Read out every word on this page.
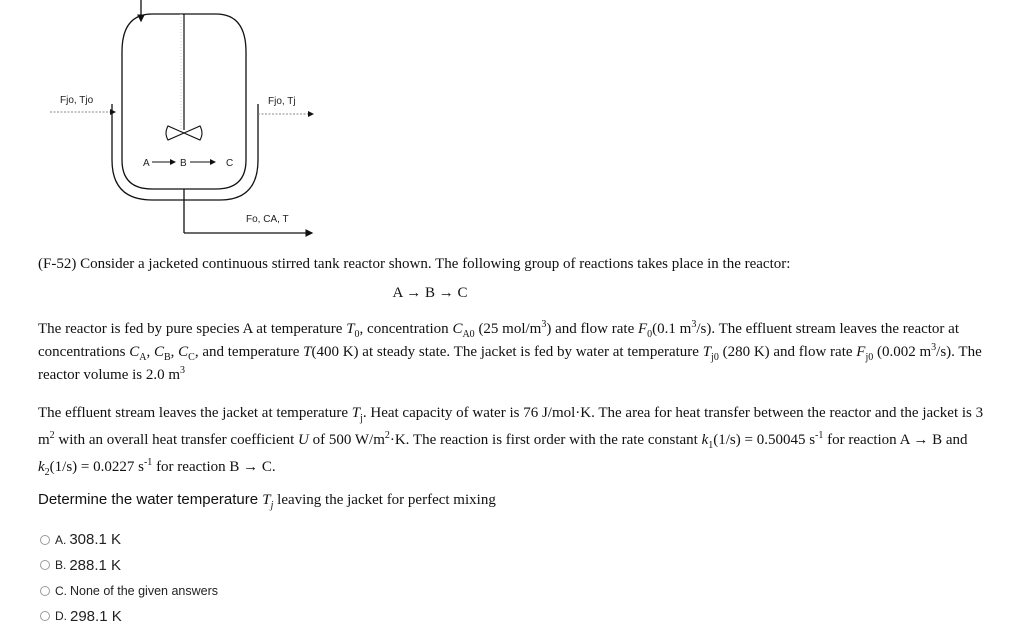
A	B	C
Fjo, Tjo	Fjo, Tj
Fo, CA, T
(F-52) Consider a jacketed continuous stirred tank reactor shown. The following group of reactions takes place in the reactor:
A → B → C
The reactor is fed by pure species A at temperature $T_0$, concentration $C_{A0}$ (25 mol/$m^3$) and flow rate $F_0(0.1$ $m^3/s$). The effluent stream leaves the reactor at concentrations $C_A$, $C_B$, $C_C$, and temperature T(400 K) at steady state. The jacket is fed by water at temperature $T_{j0}$ (280 K) and flow rate $F_{j0}$ (0.002 $m^3/s$). The reactor volume is 2.0 $m^3$
The effluent stream leaves the jacket at temperature $T_j$. Heat capacity of water is 76 J/mol·K. The area for heat transfer between the reactor and the jacket is 3 $m^2$ with an overall heat transfer coefficient U of 500 $W/m^2\cdot K$. The reaction is first order with the rate constant $k_1(1/s) = 0.50045$ $s^{-1}$ for reaction A → B and $k_2(1/s) = 0.0227$ $s^{-1}$ for reaction B → C.
Determine the water temperature $T_j$ leaving the jacket for perfect mixing
A. 308.1 K
B. 288.1 K
C. None of the given answers
D. 298.1 K
